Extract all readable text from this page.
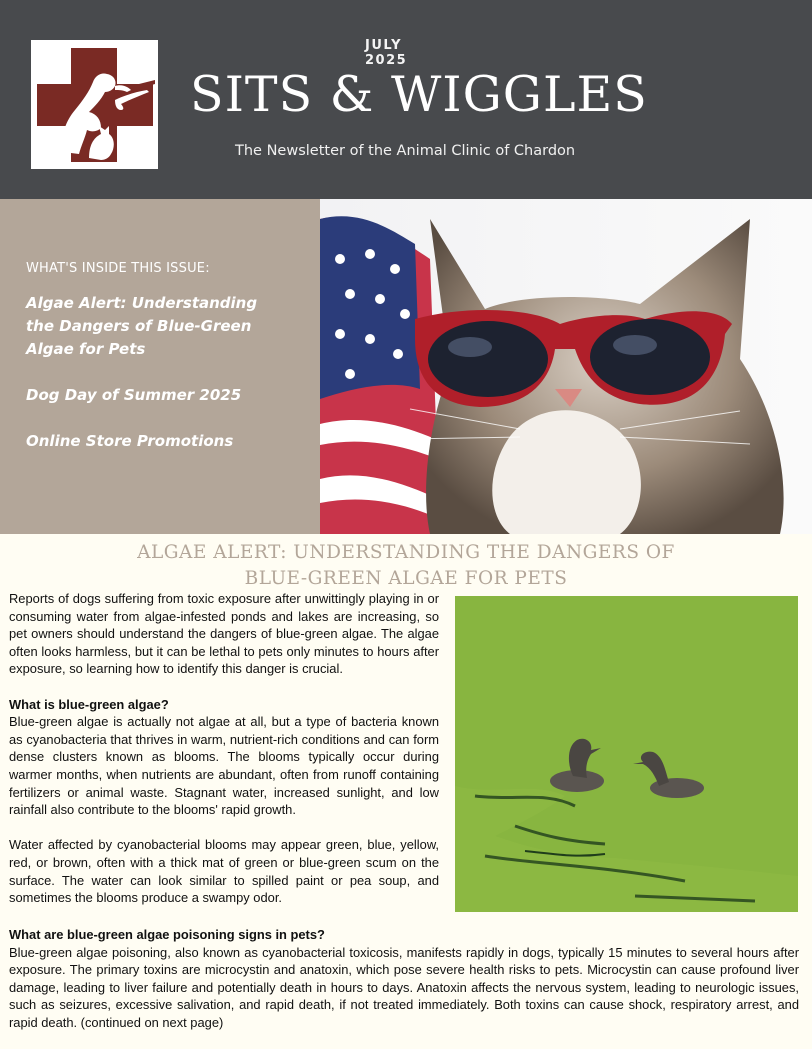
JULY 2025
SITS & WIGGLES
The Newsletter of the Animal Clinic of Chardon
WHAT'S INSIDE THIS ISSUE:
Algae Alert: Understanding the Dangers of Blue-Green Algae for Pets
Dog Day of Summer 2025
Online Store Promotions
ALGAE ALERT: UNDERSTANDING THE DANGERS OF
BLUE-GREEN ALGAE FOR PETS

Reports of dogs suffering from toxic exposure after unwittingly playing in or consuming water from algae-infested ponds and lakes are increasing, so pet owners should understand the dangers of blue-green algae. The algae often looks harmless, but it can be lethal to pets only minutes to hours after exposure, so learning how to identify this danger is crucial.

What is blue-green algae?

Blue-green algae is actually not algae at all, but a type of bacteria known as cyanobacteria that thrives in warm, nutrient-rich conditions and can form dense clusters known as blooms. The blooms typically occur during warmer months, when nutrients are abundant, often from runoff containing fertilizers or animal waste. Stagnant water, increased sunlight, and low rainfall also contribute to the blooms' rapid growth.

Water affected by cyanobacterial blooms may appear green, blue, yellow, red, or brown, often with a thick mat of green or blue-green scum on the surface. The water can look similar to spilled paint or pea soup, and sometimes the blooms produce a swampy odor.

What are blue-green algae poisoning signs in pets?

Blue-green algae poisoning, also known as cyanobacterial toxicosis, manifests rapidly in dogs, typically 15 minutes to several hours after exposure. The primary toxins are microcystin and anatoxin, which pose severe health risks to pets. Microcystin can cause profound liver damage, leading to liver failure and potentially death in hours to days. Anatoxin affects the nervous system, leading to neurologic issues, such as seizures, excessive salivation, and rapid death, if not treated immediately. Both toxins can cause shock, respiratory arrest, and rapid death. (continued on next page)
